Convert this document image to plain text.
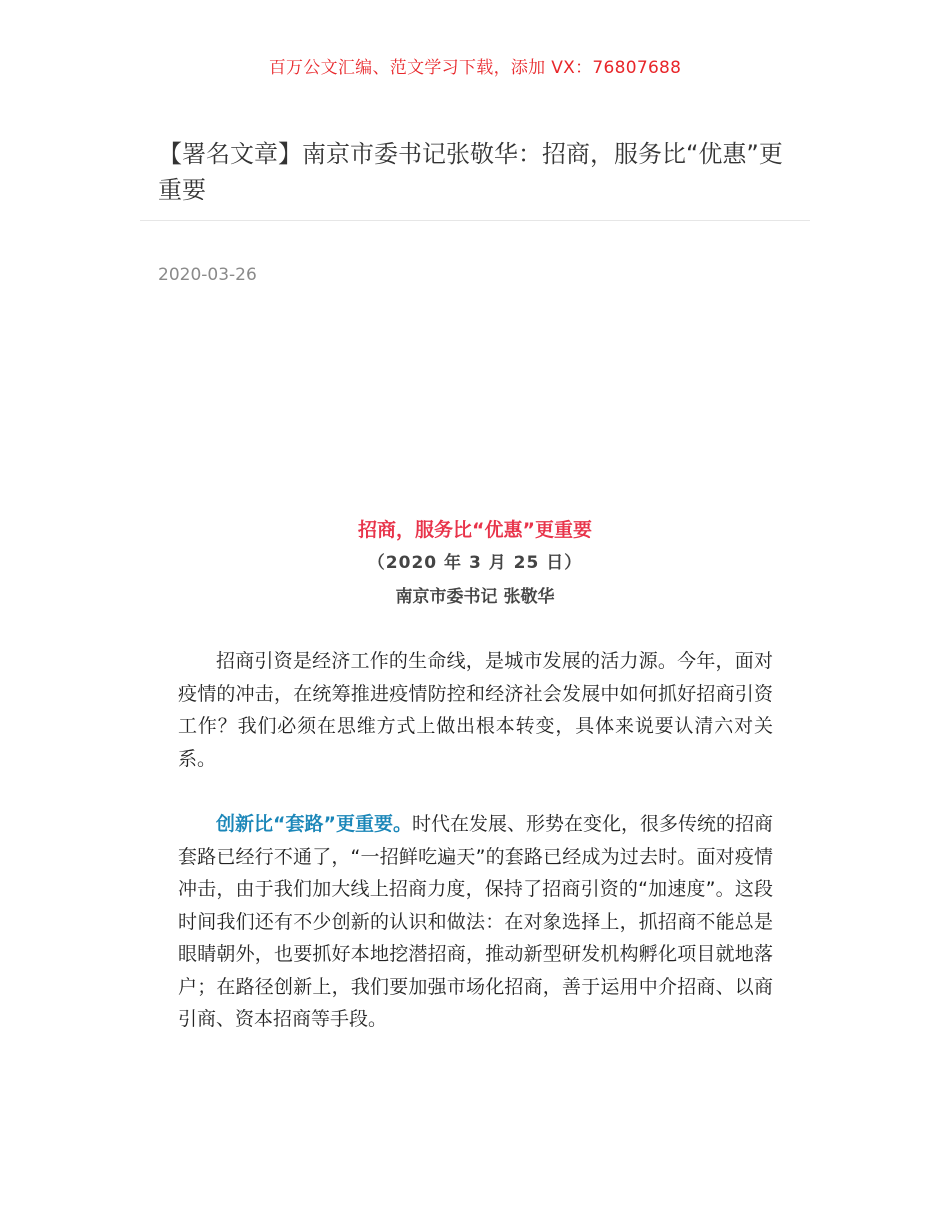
百万公文汇编、范文学习下载，添加 VX：76807688
【署名文章】南京市委书记张敬华：招商，服务比“优惠”更重要
2020-03-26
招商，服务比“优惠”更重要
（2020 年 3 月 25 日）
南京市委书记 张敬华

招商引资是经济工作的生命线，是城市发展的活力源。今年，面对疫情的冲击，在统筹推进疫情防控和经济社会发展中如何抓好招商引资工作？我们必须在思维方式上做出根本转变，具体来说要认清六对关系。

创新比“套路”更重要。时代在发展、形势在变化，很多传统的招商套路已经行不通了，“一招鲜吃遍天”的套路已经成为过去时。面对疫情冲击，由于我们加大线上招商力度，保持了招商引资的“加速度”。这段时间我们还有不少创新的认识和做法：在对象选择上，抓招商不能总是眼睛朝外，也要抓好本地挖潜招商，推动新型研发机构孵化项目就地落户；在路径创新上，我们要加强市场化招商，善于运用中介招商、以商引商、资本招商等手段。
